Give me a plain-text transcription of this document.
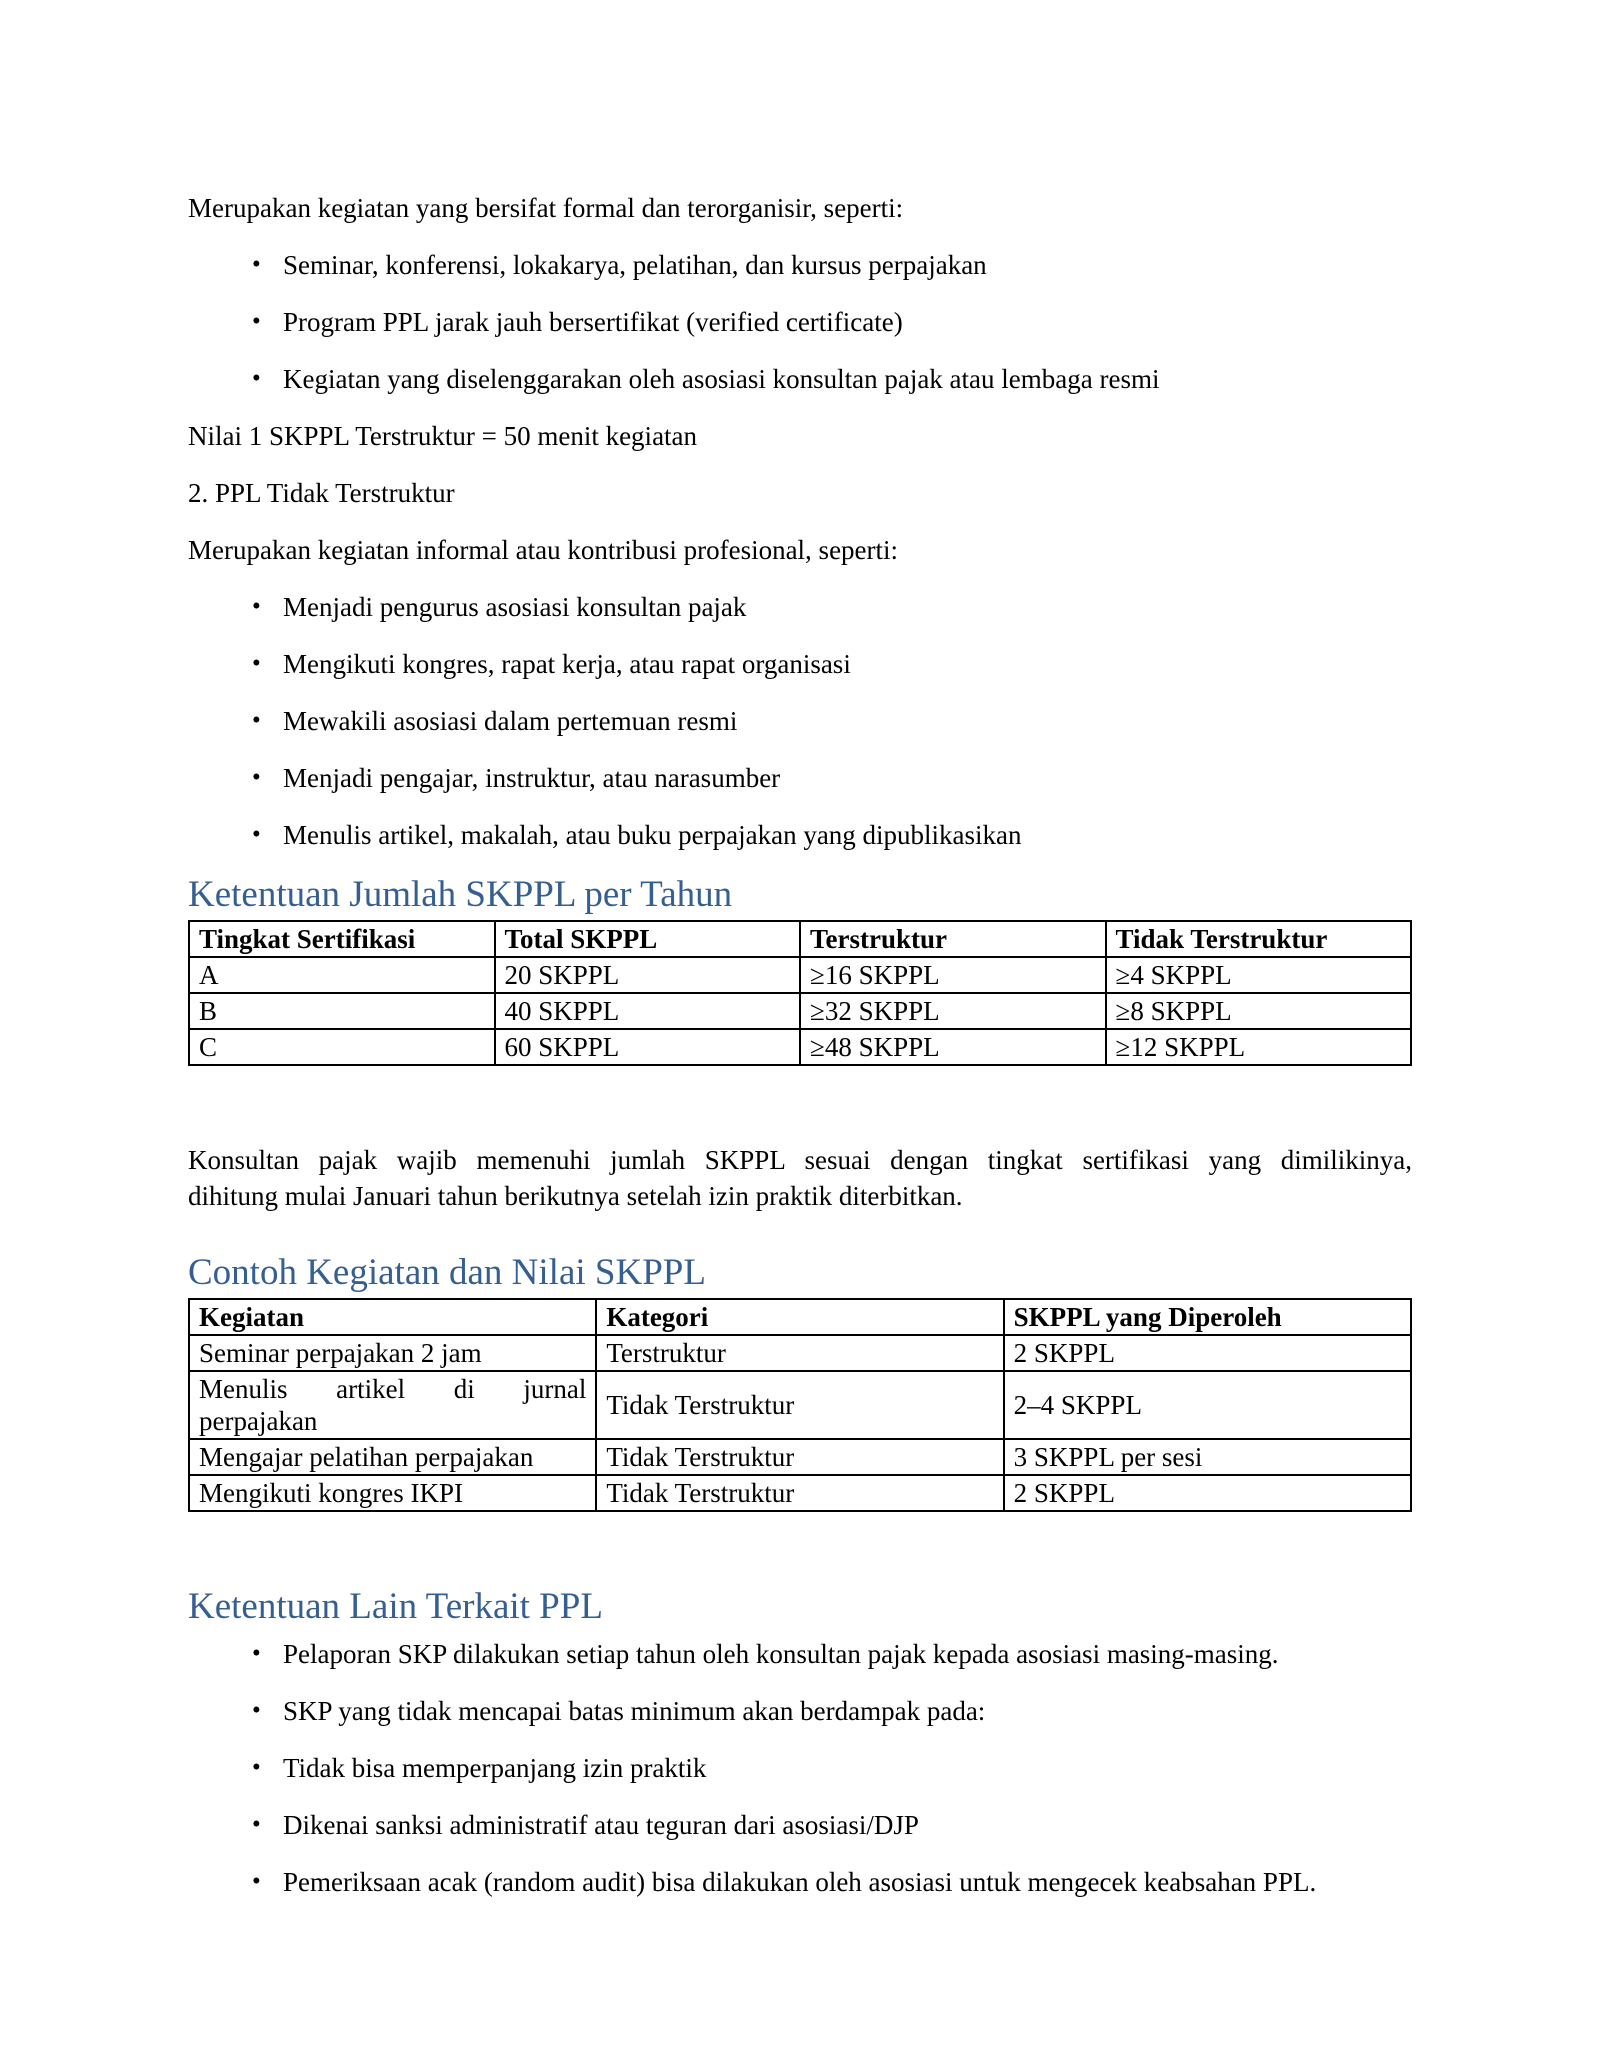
Merupakan kegiatan yang bersifat formal dan terorganisir, seperti:

• Seminar, konferensi, lokakarya, pelatihan, dan kursus perpajakan
• Program PPL jarak jauh bersertifikat (verified certificate)
• Kegiatan yang diselenggarakan oleh asosiasi konsultan pajak atau lembaga resmi

Nilai 1 SKPPL Terstruktur = 50 menit kegiatan

2. PPL Tidak Terstruktur

Merupakan kegiatan informal atau kontribusi profesional, seperti:

• Menjadi pengurus asosiasi konsultan pajak
• Mengikuti kongres, rapat kerja, atau rapat organisasi
• Mewakili asosiasi dalam pertemuan resmi
• Menjadi pengajar, instruktur, atau narasumber
• Menulis artikel, makalah, atau buku perpajakan yang dipublikasikan
Ketentuan Jumlah SKPPL per Tahun
Tingkat Sertifikasi	Total SKPPL	Terstruktur	Tidak Terstruktur
A	20 SKPPL	≥16 SKPPL	≥4 SKPPL
B	40 SKPPL	≥32 SKPPL	≥8 SKPPL
C	60 SKPPL	≥48 SKPPL	≥12 SKPPL
Konsultan pajak wajib memenuhi jumlah SKPPL sesuai dengan tingkat sertifikasi yang dimilikinya,
dihitung mulai Januari tahun berikutnya setelah izin praktik diterbitkan.
Contoh Kegiatan dan Nilai SKPPL
Kegiatan	Kategori	SKPPL yang Diperoleh
Seminar perpajakan 2 jam	Terstruktur	2 SKPPL

Menulis artikel di jurnal
perpajakan	Tidak Terstruktur	2–4 SKPPL
Mengajar pelatihan perpajakan	Tidak Terstruktur	3 SKPPL per sesi
Mengikuti kongres IKPI	Tidak Terstruktur	2 SKPPL
Ketentuan Lain Terkait PPL
• Pelaporan SKP dilakukan setiap tahun oleh konsultan pajak kepada asosiasi masing-masing.
• SKP yang tidak mencapai batas minimum akan berdampak pada:
• Tidak bisa memperpanjang izin praktik
• Dikenai sanksi administratif atau teguran dari asosiasi/DJP
• Pemeriksaan acak (random audit) bisa dilakukan oleh asosiasi untuk mengecek keabsahan PPL.
